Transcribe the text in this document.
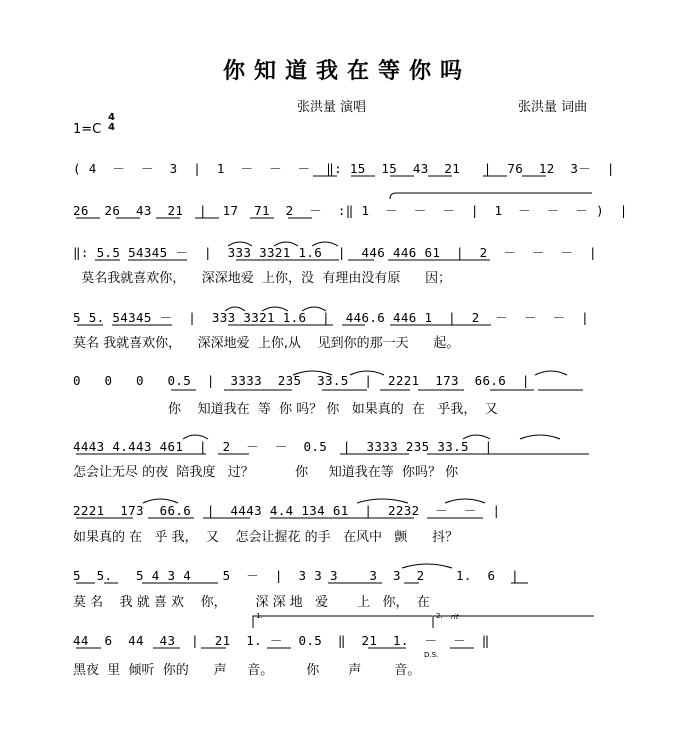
你知道我在等你吗
张洪量 演唱	张洪量 词曲
1=C
4
4
( 4  －  －  3  |  1  －  －  －  ‖: 15  15  43  21   |  76  12  3－  |
26  26  43  21  |  17  71  2  －  :‖ 1  －  －  －  |  1  －  －  － )  |
‖: 5.5 54345 －  |  333 3321 1.6  |  446 446 61  |  2  －  －  －  |
莫名我就喜欢你，    深深地爱  上你，没  有理由没有原      因；
5 5. 54345 －  |  333 3321 1.6  |  446.6 446 1  |  2  －  －  －  |
莫名 我就喜欢你，    深深地爱  上你,从    见到你的那一天      起。
0   0   0   0.5  |  3333  235  33.5  |  2221  173  66.6  |
你    知道我在  等  你 吗？ 你   如果真的  在   乎我，  又
4443 4.443 461  |  2  －  －  0.5  |  3333 235 33.5  |
怎会让无尽 的夜  陪我度   过？          你     知道我在等  你吗？ 你
2221  173  66.6  |  4443 4.4 134 61  |  2232  －  －  |
如果真的 在   乎 我，  又    怎会让握花 的手   在风中   颤      抖？
5  5.   5 4 3 4    5  －  |  3 3 3    3  3  2    1.  6  |
莫 名    我 就 喜 欢    你，       深 深 地   爱       上   你，  在
44  6  44  43  |  21  1. －  0.5  ‖  21  1.  －  －  ‖
黑夜  里  倾听  你的      声     音。        你       声        音。
1.	2. rit
D.S.
